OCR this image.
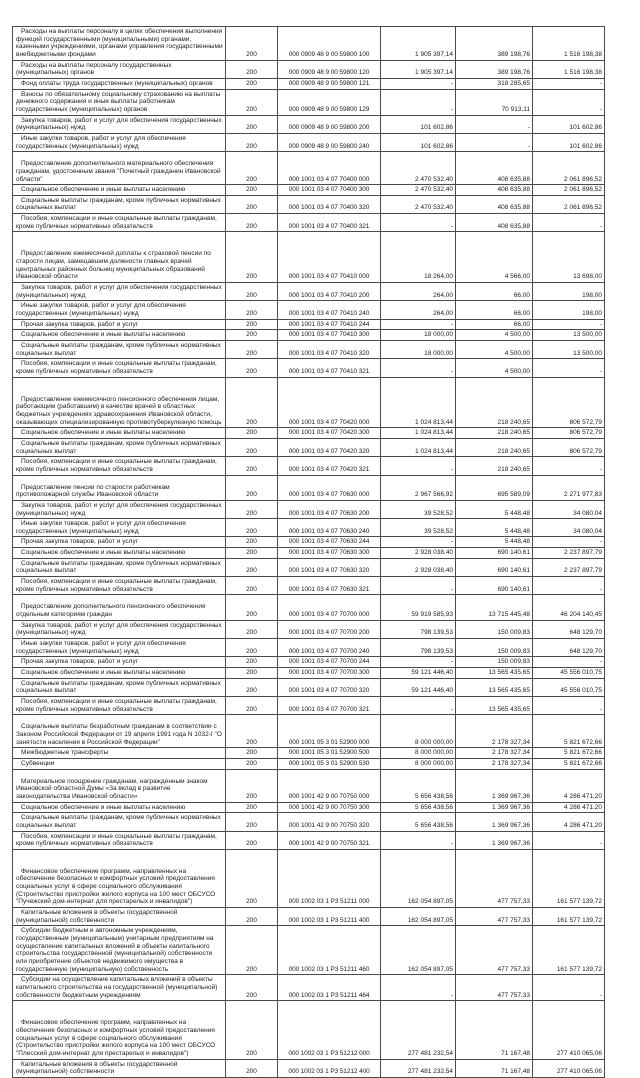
Расходы на выплаты персоналу в целях обеспечения выполнения функций государственными (муниципальными) органами, казенными учреждениями, органами управления государственными внебюджетными фондами	200	000 0909 48 9 00 59800 100	1 905 397,14	389 198,76	1 516 198,38
Расходы на выплаты персоналу государственных (муниципальных) органов	200	000 0909 48 9 00 59800 120	1 905 397,14	389 198,76	1 516 198,38
Фонд оплаты труда государственных (муниципальных) органов	200	000 0909 48 9 00 59800 121	-	318 285,65	-
Взносы по обязательному социальному страхованию на выплаты денежного содержания и иные выплаты работникам государственных (муниципальных) органов	200	000 0909 48 9 00 59800 129	-	70 913,11	-
Закупка товаров, работ и услуг для обеспечения государственных (муниципальных) нужд	200	000 0909 48 9 00 59800 200	101 602,86	-	101 602,86
Иные закупки товаров, работ и услуг для обеспечения государственных (муниципальных) нужд	200	000 0909 48 9 00 59800 240	101 602,86	-	101 602,86
Предоставление дополнительного материального обеспечения гражданам, удостоенным звания "Почетный гражданин Ивановской области"	200	000 1001 03 4 07 70400 000	2 470 532,40	408 635,88	2 061 896,52
Социальное обеспечение и иные выплаты населению	200	000 1001 03 4 07 70400 300	2 470 532,40	408 635,88	2 061 896,52
Социальные выплаты гражданам, кроме публичных нормативных социальных выплат	200	000 1001 03 4 07 70400 320	2 470 532,40	408 635,88	2 061 896,52
Пособия, компенсации и иные социальные выплаты гражданам, кроме публичных нормативных обязательств	200	000 1001 03 4 07 70400 321	-	408 635,88	-
Предоставление ежемесячной доплаты к страховой пенсии по старости лицам, замещавшим должности главных врачей центральных районных больниц муниципальных образований Ивановской области	200	000 1001 03 4 07 70410 000	18 264,00	4 566,00	13 698,00
Закупка товаров, работ и услуг для обеспечения государственных (муниципальных) нужд	200	000 1001 03 4 07 70410 200	264,00	66,00	198,00
Иные закупки товаров, работ и услуг для обеспечения государственных (муниципальных) нужд	200	000 1001 03 4 07 70410 240	264,00	66,00	198,00
Прочая закупка товаров, работ и услуг	200	000 1001 03 4 07 70410 244	-	66,00	-
Социальное обеспечение и иные выплаты населению	200	000 1001 03 4 07 70410 300	18 000,00	4 500,00	13 500,00
Социальные выплаты гражданам, кроме публичных нормативных социальных выплат	200	000 1001 03 4 07 70410 320	18 000,00	4 500,00	13 500,00
Пособия, компенсации и иные социальные выплаты гражданам, кроме публичных нормативных обязательств	200	000 1001 03 4 07 70410 321	-	4 500,00	-
Предоставление ежемесячного пенсионного обеспечения лицам, работающим (работавшим) в качестве врачей в областных бюджетных учреждениях здравоохранения Ивановской области, оказывающих специализированную противотуберкулезную помощь	200	000 1001 03 4 07 70420 000	1 024 813,44	218 240,65	806 572,79
Социальное обеспечение и иные выплаты населению	200	000 1001 03 4 07 70420 300	1 024 813,44	218 240,65	806 572,79
Социальные выплаты гражданам, кроме публичных нормативных социальных выплат	200	000 1001 03 4 07 70420 320	1 024 813,44	218 240,65	806 572,79
Пособия, компенсации и иные социальные выплаты гражданам, кроме публичных нормативных обязательств	200	000 1001 03 4 07 70420 321	-	218 240,65	-
Предоставление пенсии по старости работникам противопожарной службы Ивановской области	200	000 1001 03 4 07 70630 000	2 967 566,92	695 589,09	2 271 977,83
Закупка товаров, работ и услуг для обеспечения государственных (муниципальных) нужд	200	000 1001 03 4 07 70630 200	39 528,52	5 448,48	34 080,04
Иные закупки товаров, работ и услуг для обеспечения государственных (муниципальных) нужд	200	000 1001 03 4 07 70630 240	39 528,52	5 448,48	34 080,04
Прочая закупка товаров, работ и услуг	200	000 1001 03 4 07 70630 244	-	5 448,48	-
Социальное обеспечение и иные выплаты населению	200	000 1001 03 4 07 70630 300	2 928 038,40	690 140,61	2 237 897,79
Социальные выплаты гражданам, кроме публичных нормативных социальных выплат	200	000 1001 03 4 07 70630 320	2 928 038,40	690 140,61	2 237 897,79
Пособия, компенсации и иные социальные выплаты гражданам, кроме публичных нормативных обязательств	200	000 1001 03 4 07 70630 321	-	690 140,61	-
Предоставление дополнительного пенсионного обеспечения отдельным категориям граждан	200	000 1001 03 4 07 70700 000	59 919 585,93	13 715 445,48	46 204 140,45
Закупка товаров, работ и услуг для обеспечения государственных (муниципальных) нужд	200	000 1001 03 4 07 70700 200	798 139,53	150 009,83	648 129,70
Иные закупки товаров, работ и услуг для обеспечения государственных (муниципальных) нужд	200	000 1001 03 4 07 70700 240	798 139,53	150 009,83	648 129,70
Прочая закупка товаров, работ и услуг	200	000 1001 03 4 07 70700 244	-	150 009,83	-
Социальное обеспечение и иные выплаты населению	200	000 1001 03 4 07 70700 300	59 121 446,40	13 565 435,65	45 556 010,75
Социальные выплаты гражданам, кроме публичных нормативных социальных выплат	200	000 1001 03 4 07 70700 320	59 121 446,40	13 565 435,65	45 556 010,75
Пособия, компенсации и иные социальные выплаты гражданам, кроме публичных нормативных обязательств	200	000 1001 03 4 07 70700 321	-	13 565 435,65	-
Социальные выплаты безработным гражданам в соответствии с Законом Российской Федерации от 19 апреля 1991 года N 1032-I "О занятости населения в Российской Федерации"	200	000 1001 05 3 01 52900 000	8 000 000,00	2 178 327,34	5 821 672,66
Межбюджетные трансферты	200	000 1001 05 3 01 52900 500	8 000 000,00	2 178 327,34	5 821 672,66
Субвенции	200	000 1001 05 3 01 52900 530	8 000 000,00	2 178 327,34	5 821 672,66
Материальное поощрение гражданам, награжденным знаком Ивановской областной Думы «За вклад в развитие законодательства Ивановской области»	200	000 1001 42 9 00 70750 000	5 656 438,56	1 369 967,36	4 286 471,20
Социальное обеспечение и иные выплаты населению	200	000 1001 42 9 00 70750 300	5 656 438,56	1 369 967,36	4 286 471,20
Социальные выплаты гражданам, кроме публичных нормативных социальных выплат	200	000 1001 42 9 00 70750 320	5 656 438,56	1 369 967,36	4 286 471,20
Пособия, компенсации и иные социальные выплаты гражданам, кроме публичных нормативных обязательств	200	000 1001 42 9 00 70750 321	-	1 369 967,36	-
Финансовое обеспечение программ, направленных на обеспечение безопасных и комфортных условий предоставления социальных услуг в сфере социального обслуживания (Строительство пристройки жилого корпуса на 100 мест ОБСУСО "Пучежский дом-интернат для престарелых и инвалидов")	200	000 1002 03 1 Р3 51211 000	162 054 897,05	477 757,33	161 577 139,72
Капитальные вложения в объекты государственной (муниципальной) собственности	200	000 1002 03 1 Р3 51211 400	162 054 897,05	477 757,33	161 577 139,72
Субсидии бюджетным и автономным учреждениям, государственным (муниципальным) унитарным предприятиям на осуществление капитальных вложений в объекты капитального строительства государственной (муниципальной) собственности или приобретение объектов недвижимого имущества в государственную (муниципальную) собственность	200	000 1002 03 1 Р3 51211 460	162 054 897,05	477 757,33	161 577 139,72
Субсидии на осуществление капитальных вложений в объекты капитального строительства на государственной (муниципальной) собственности бюджетным учреждениям	200	000 1002 03 1 Р3 51211 464	-	477 757,33	-
Финансовое обеспечение программ, направленных на обеспечение безопасных и комфортных условий предоставления социальных услуг в сфере социального обслуживания (Строительство пристройки жилого корпуса на 100 мест ОБСУСО "Плесский дом-интернат для престарелых и инвалидов")	200	000 1002 03 1 Р3 51212 000	277 481 232,54	71 167,48	277 410 065,06
Капитальные вложения в объекты государственной (муниципальной) собственности	200	000 1002 03 1 Р3 51212 400	277 481 232,54	71 167,48	277 410 065,06
